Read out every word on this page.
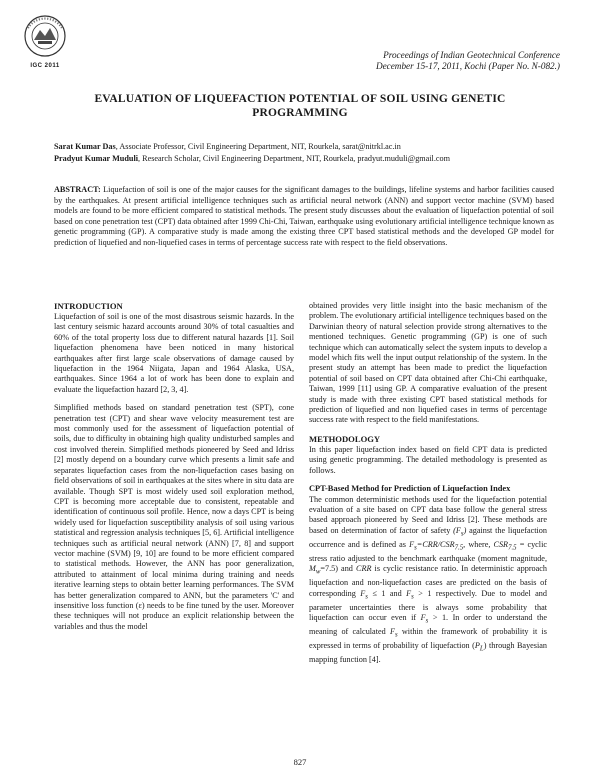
IGC 2011
Proceedings of Indian Geotechnical Conference
December 15-17, 2011, Kochi (Paper No. N-082.)
EVALUATION OF LIQUEFACTION POTENTIAL OF SOIL USING GENETIC
PROGRAMMING
Sarat Kumar Das, Associate Professor, Civil Engineering Department, NIT, Rourkela, sarat@nitrkl.ac.in
Pradyut Kumar Muduli, Research Scholar, Civil Engineering Department, NIT, Rourkela, pradyut.muduli@gmail.com
ABSTRACT: Liquefaction of soil is one of the major causes for the significant damages to the buildings, lifeline systems and harbor facilities caused by the earthquakes. At present artificial intelligence techniques such as artificial neural network (ANN) and support vector machine (SVM) based models are found to be more efficient compared to statistical methods. The present study discusses about the evaluation of liquefaction potential of soil based on cone penetration test (CPT) data obtained after 1999 Chi-Chi, Taiwan, earthquake using evolutionary artificial intelligence technique known as genetic programming (GP). A comparative study is made among the existing three CPT based statistical methods and the developed GP model for prediction of liquefied and non-liquefied cases in terms of percentage success rate with respect to the field observations.
INTRODUCTION

Liquefaction of soil is one of the most disastrous seismic hazards. In the last century seismic hazard accounts around 30% of total casualties and 60% of the total property loss due to different natural hazards [1]. Soil liquefaction phenomena have been noticed in many historical earthquakes after first large scale observations of damage caused by liquefaction in the 1964 Niigata, Japan and 1964 Alaska, USA, earthquakes. Since 1964 a lot of work has been done to explain and evaluate the liquefaction hazard [2, 3, 4].

Simplified methods based on standard penetration test (SPT), cone penetration test (CPT) and shear wave velocity measurement test are most commonly used for the assessment of liquefaction potential of soils, due to difficulty in obtaining high quality undisturbed samples and cost involved therein. Simplified methods pioneered by Seed and Idriss [2] mostly depend on a boundary curve which presents a limit safe and separates liquefaction cases from the non-liquefaction cases basing on field observations of soil in earthquakes at the sites where in situ data are available. Though SPT is most widely used soil exploration method, CPT is becoming more acceptable due to consistent, repeatable and identification of continuous soil profile. Hence, now a days CPT is being widely used for liquefaction susceptibility analysis of soil using various statistical and regression analysis techniques [5, 6]. Artificial intelligence techniques such as artificial neural network (ANN) [7, 8] and support vector machine (SVM) [9, 10] are found to be more efficient compared to statistical methods. However, the ANN has poor generalization, attributed to attainment of local minima during training and needs iterative learning steps to obtain better learning performances. The SVM has better generalization compared to ANN, but the parameters 'C' and insensitive loss function (ε) needs to be fine tuned by the user. Moreover these techniques will not produce an explicit relationship between the variables and thus the model

obtained provides very little insight into the basic mechanism of the problem. The evolutionary artificial intelligence techniques based on the Darwinian theory of natural selection provide strong alternatives to the mentioned techniques. Genetic programming (GP) is one of such technique which can automatically select the system inputs to develop a model which fits well the input output relationship of the system. In the present study an attempt has been made to predict the liquefaction potential of soil based on CPT data obtained after Chi-Chi earthquake, Taiwan, 1999 [11] using GP. A comparative evaluation of the present study is made with three existing CPT based statistical methods for prediction of liquefied and non liquefied cases in terms of percentage success rate with respect to the field manifestations.

METHODOLOGY

In this paper liquefaction index based on field CPT data is predicted using genetic programming. The detailed methodology is presented as follows.

CPT-Based Method for Prediction of Liquefaction Index

The common deterministic methods used for the liquefaction potential evaluation of a site based on CPT data base follow the general stress based approach pioneered by Seed and Idriss [2]. These methods are based on determination of factor of safety $(F_s)$ against the liquefaction occurrence and is defined as $F_s=CRR/CSR_{7.5}$, where, $CSR_{7.5}$ = cyclic stress ratio adjusted to the benchmark earthquake (moment magnitude, $M_w=7.5$) and CRR is cyclic resistance ratio. In deterministic approach liquefaction and non-liquefaction cases are predicted on the basis of corresponding $F_s \le 1$ and $F_s > 1$ respectively. Due to model and parameter uncertainties there is always some probability that liquefaction can occur even if $F_s > 1$. In order to understand the meaning of calculated $F_s$ within the framework of probability it is expressed in terms of probability of liquefaction $(P_L)$ through Bayesian mapping function [4].

827
